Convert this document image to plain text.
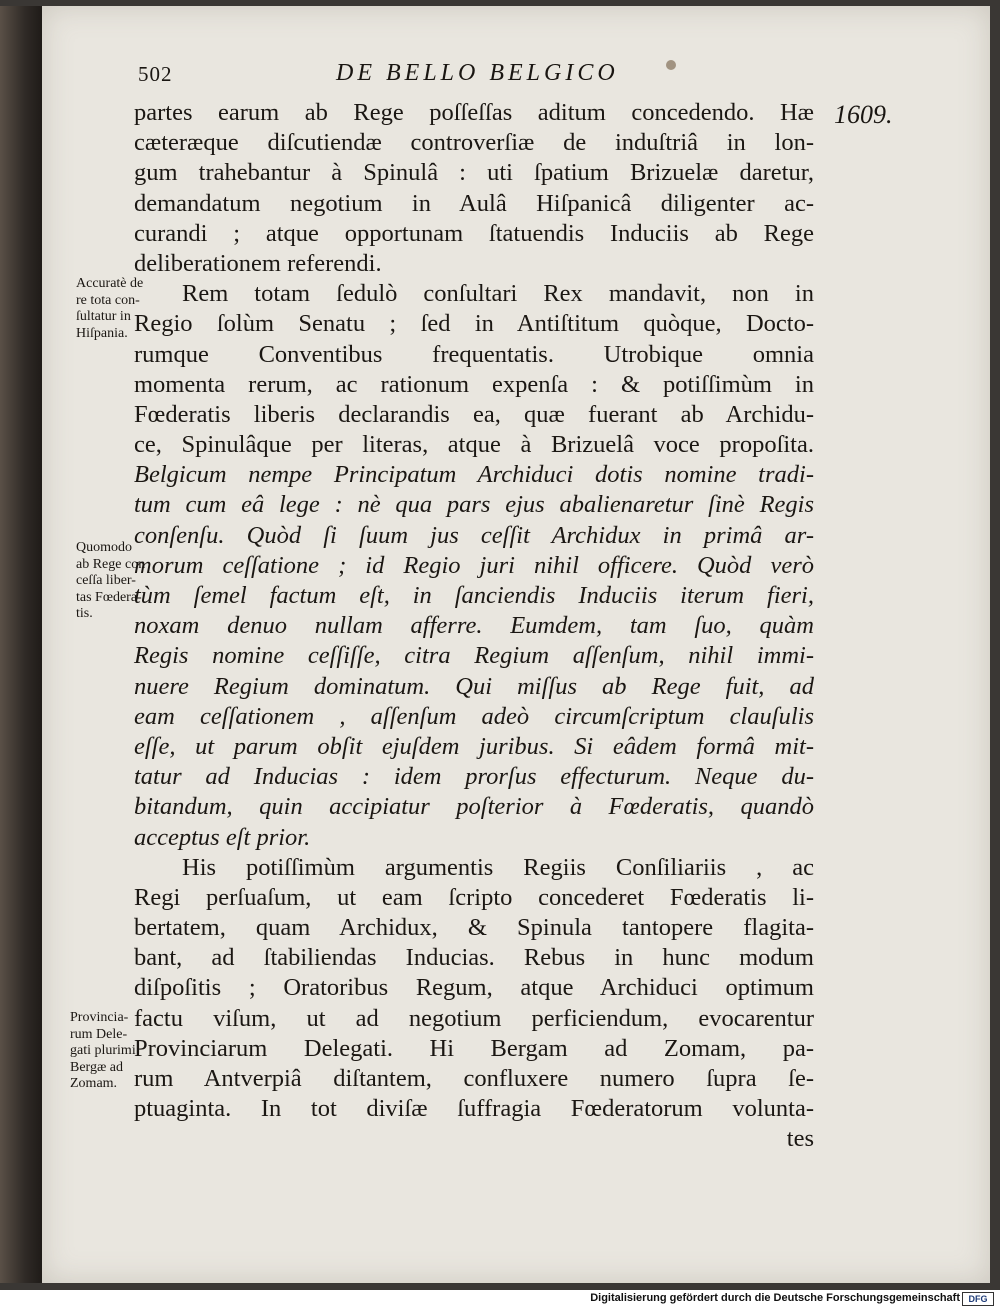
502	DE BELLO BELGICO
1609.
partes earum ab Rege poſſeſſas aditum concedendo. Hæ
cæteræque diſcutiendæ controverſiæ de induſtriâ in lon-
gum trahebantur à Spinulâ : uti ſpatium Brizuelæ daretur,
demandatum negotium in Aulâ Hiſpanicâ diligenter ac-
curandi ; atque opportunam ſtatuendis Induciis ab Rege
deliberationem referendi.
Rem totam ſedulò conſultari Rex mandavit, non in
Regio ſolùm Senatu ; ſed in Antiſtitum quòque, Docto-
rumque Conventibus frequentatis. Utrobique omnia
momenta rerum, ac rationum expenſa : & potiſſimùm in
Fœderatis liberis declarandis ea, quæ fuerant ab Archidu-
ce, Spinulâque per literas, atque à Brizuelâ voce propoſita.
Belgicum nempe Principatum Archiduci dotis nomine tradi-
tum cum eâ lege : nè qua pars ejus abalienaretur ſinè Regis
conſenſu. Quòd ſi ſuum jus ceſſit Archidux in primâ ar-
morum ceſſatione ; id Regio juri nihil officere. Quòd verò
tùm ſemel factum eſt, in ſanciendis Induciis iterum fieri,
noxam denuo nullam afferre. Eumdem, tam ſuo, quàm
Regis nomine ceſſiſſe, citra Regium aſſenſum, nihil immi-
nuere Regium dominatum. Qui miſſus ab Rege fuit, ad
eam ceſſationem , aſſenſum adeò circumſcriptum clauſulis
eſſe, ut parum obſit ejuſdem juribus. Si eâdem formâ mit-
tatur ad Inducias : idem prorſus effecturum. Neque du-
bitandum, quin accipiatur poſterior à Fœderatis, quandò
acceptus eſt prior.
His potiſſimùm argumentis Regiis Conſiliariis , ac
Regi perſuaſum, ut eam ſcripto concederet Fœderatis li-
bertatem, quam Archidux, & Spinula tantopere flagita-
bant, ad ſtabiliendas Inducias. Rebus in hunc modum
diſpoſitis ; Oratoribus Regum, atque Archiduci optimum
factu viſum, ut ad negotium perficiendum, evocarentur
Provinciarum Delegati. Hi Bergam ad Zomam, pa-
rum Antverpiâ diſtantem, confluxere numero ſupra ſe-
ptuaginta. In tot diviſæ ſuffragia Fœderatorum volunta-
tes
Accuratè de
re tota con-
ſultatur in
Hiſpania.
Quomodo
ab Rege con
ceſſa liber-
tas Fœdera-
tis.
Provincia-
rum Dele-
gati plurimi
Bergæ ad
Zomam.
Digitalisierung gefördert durch die Deutsche Forschungsgemeinschaft DFG
